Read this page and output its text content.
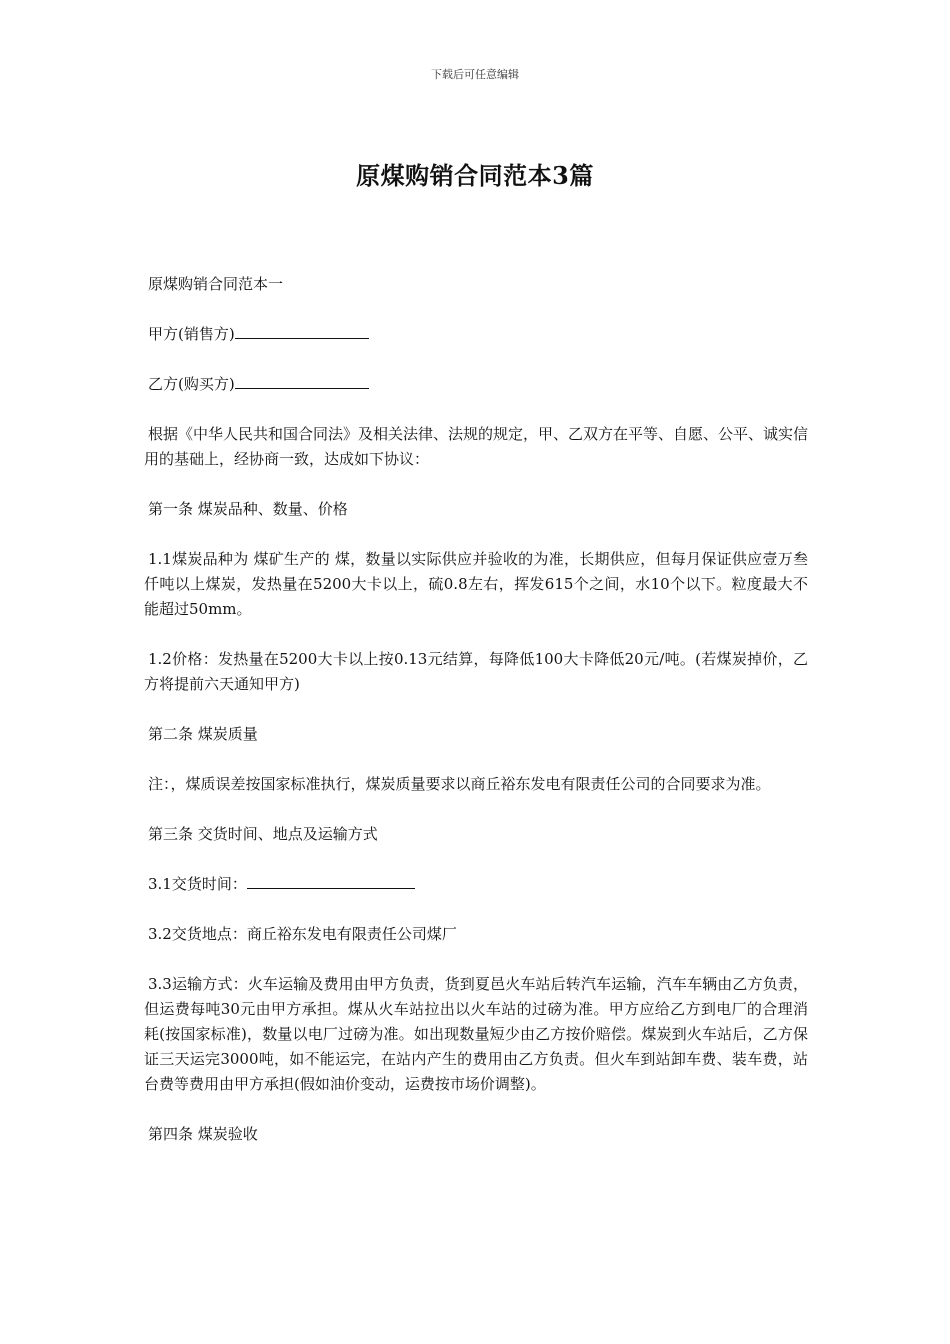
下载后可任意编辑
原煤购销合同范本3篇

原煤购销合同范本一

甲方(销售方)

乙方(购买方)

根据《中华人民共和国合同法》及相关法律、法规的规定，甲、乙双方在平等、自愿、公平、诚实信用的基础上，经协商一致，达成如下协议：

第一条 煤炭品种、数量、价格

1.1煤炭品种为 煤矿生产的 煤，数量以实际供应并验收的为准，长期供应，但每月保证供应壹万叁仟吨以上煤炭，发热量在5200大卡以上，硫0.8左右，挥发615个之间，水10个以下。粒度最大不能超过50mm。

1.2价格：发热量在5200大卡以上按0.13元结算，每降低100大卡降低20元/吨。(若煤炭掉价，乙方将提前六天通知甲方)

第二条 煤炭质量

注：，煤质误差按国家标准执行，煤炭质量要求以商丘裕东发电有限责任公司的合同要求为准。

第三条 交货时间、地点及运输方式

3.1交货时间：

3.2交货地点：商丘裕东发电有限责任公司煤厂

3.3运输方式：火车运输及费用由甲方负责，货到夏邑火车站后转汽车运输，汽车车辆由乙方负责，但运费每吨30元由甲方承担。煤从火车站拉出以火车站的过磅为准。甲方应给乙方到电厂的合理消耗(按国家标准)，数量以电厂过磅为准。如出现数量短少由乙方按价赔偿。煤炭到火车站后，乙方保证三天运完3000吨，如不能运完，在站内产生的费用由乙方负责。但火车到站卸车费、装车费，站台费等费用由甲方承担(假如油价变动，运费按市场价调整)。

第四条 煤炭验收
